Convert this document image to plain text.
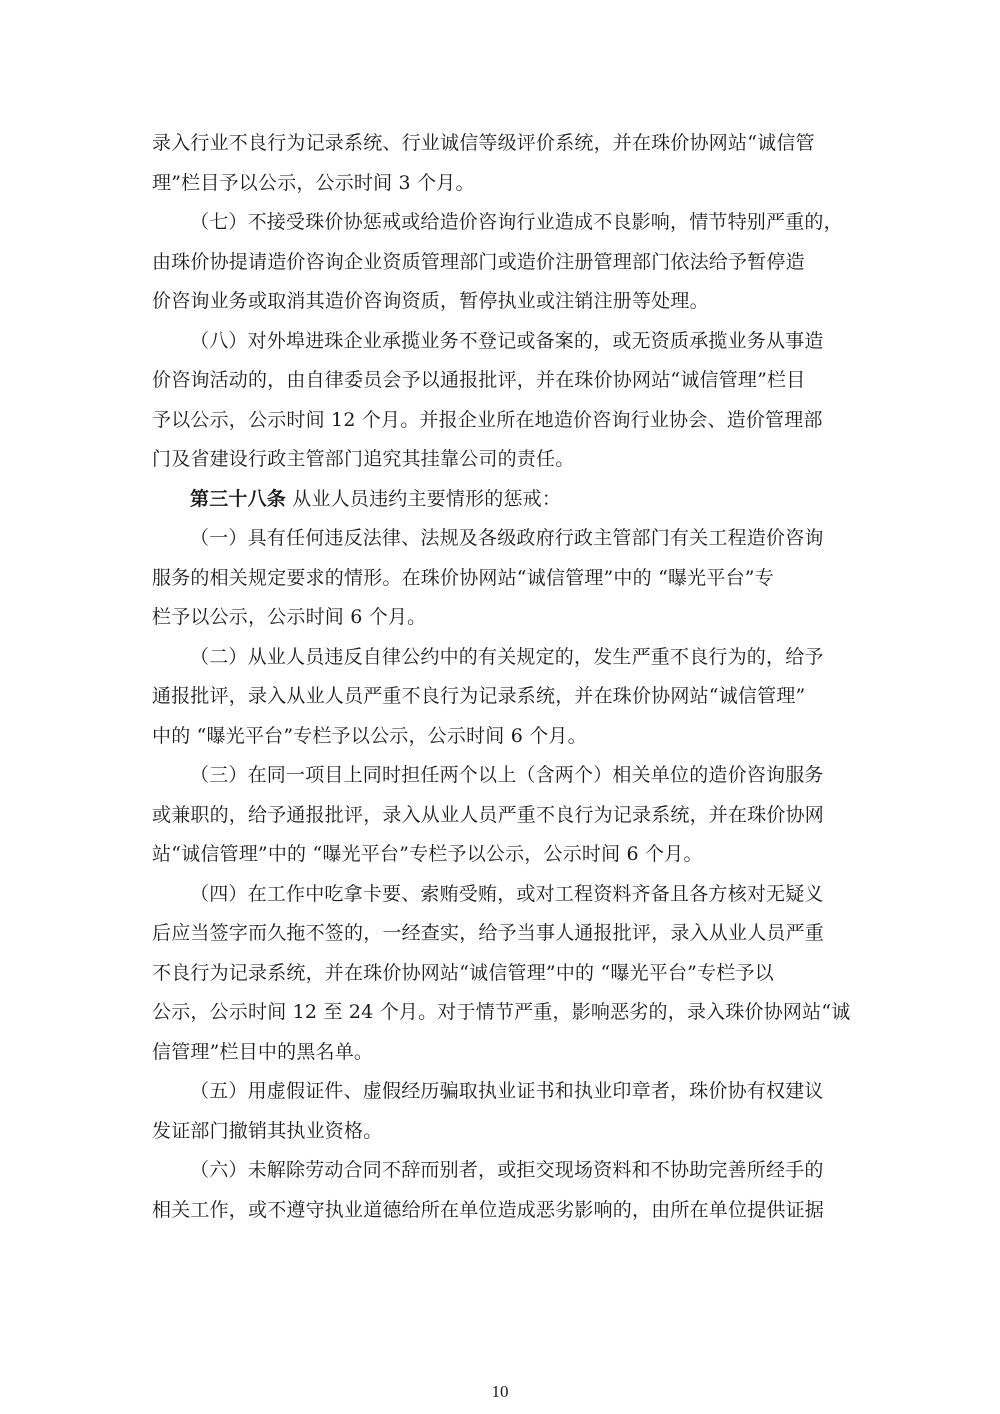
录入行业不良行为记录系统、行业诚信等级评价系统，并在珠价协网站“诚信管
理”栏目予以公示，公示时间 3 个月。
（七）不接受珠价协惩戒或给造价咨询行业造成不良影响，情节特别严重的，
由珠价协提请造价咨询企业资质管理部门或造价注册管理部门依法给予暂停造
价咨询业务或取消其造价咨询资质，暂停执业或注销注册等处理。
（八）对外埠进珠企业承揽业务不登记或备案的，或无资质承揽业务从事造
价咨询活动的，由自律委员会予以通报批评，并在珠价协网站“诚信管理”栏目
予以公示，公示时间 12 个月。并报企业所在地造价咨询行业协会、造价管理部
门及省建设行政主管部门追究其挂靠公司的责任。
第三十八条 从业人员违约主要情形的惩戒：
（一）具有任何违反法律、法规及各级政府行政主管部门有关工程造价咨询
服务的相关规定要求的情形。在珠价协网站“诚信管理”中的 “曝光平台”专
栏予以公示，公示时间 6 个月。
（二）从业人员违反自律公约中的有关规定的，发生严重不良行为的，给予
通报批评，录入从业人员严重不良行为记录系统，并在珠价协网站“诚信管理”
中的 “曝光平台”专栏予以公示，公示时间 6 个月。
（三）在同一项目上同时担任两个以上（含两个）相关单位的造价咨询服务
或兼职的，给予通报批评，录入从业人员严重不良行为记录系统，并在珠价协网
站“诚信管理”中的 “曝光平台”专栏予以公示，公示时间 6 个月。
（四）在工作中吃拿卡要、索贿受贿，或对工程资料齐备且各方核对无疑义
后应当签字而久拖不签的，一经查实，给予当事人通报批评，录入从业人员严重
不良行为记录系统，并在珠价协网站“诚信管理”中的 “曝光平台”专栏予以
公示，公示时间 12 至 24 个月。对于情节严重，影响恶劣的，录入珠价协网站“诚
信管理”栏目中的黑名单。
（五）用虚假证件、虚假经历骗取执业证书和执业印章者，珠价协有权建议
发证部门撤销其执业资格。
（六）未解除劳动合同不辞而别者，或拒交现场资料和不协助完善所经手的
相关工作，或不遵守执业道德给所在单位造成恶劣影响的，由所在单位提供证据
10
